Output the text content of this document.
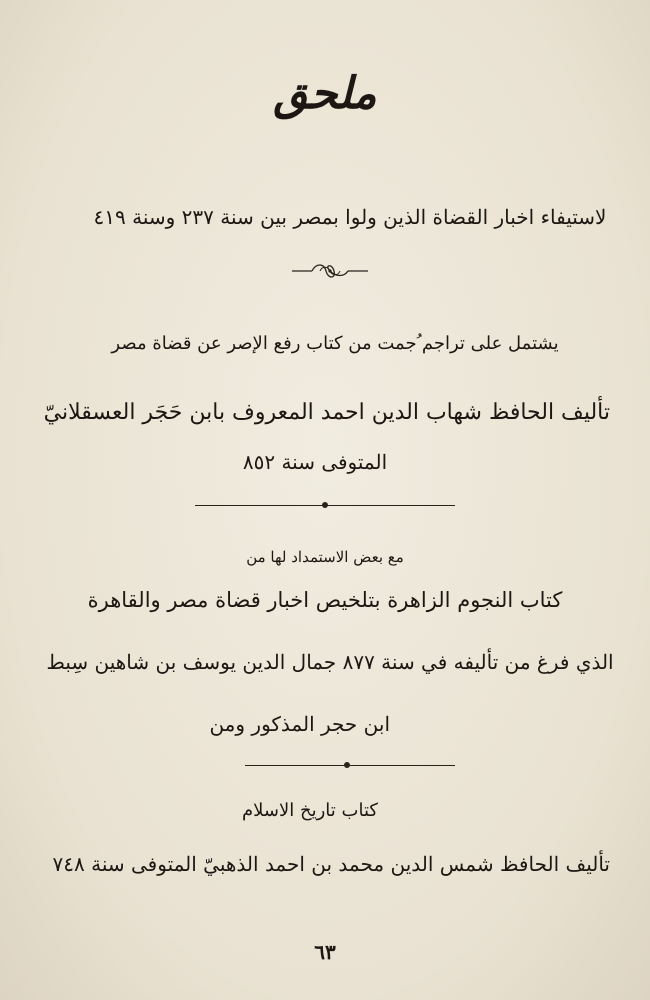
ملحق
لاستيفاء اخبار القضاة الذين ولوا بمصر بين سنة ٢٣٧ وسنة ٤١٩
يشتمل على تراجم ُجمت من كتاب رفع الإصر عن قضاة مصر
تأليف الحافظ شهاب الدين احمد المعروف بابن حَجَر العسقلانيّ
المتوفى سنة ٨٥٢
مع بعض الاستمداد لها من
كتاب النجوم الزاهرة بتلخيص اخبار قضاة مصر والقاهرة
الذي فرغ من تأليفه في سنة ٨٧٧ جمال الدين يوسف بن شاهين سِبط
ابن حجر المذكور ومن
كتاب تاريخ الاسلام
تأليف الحافظ شمس الدين محمد بن احمد الذهبيّ المتوفى سنة ٧٤٨
٦٣
